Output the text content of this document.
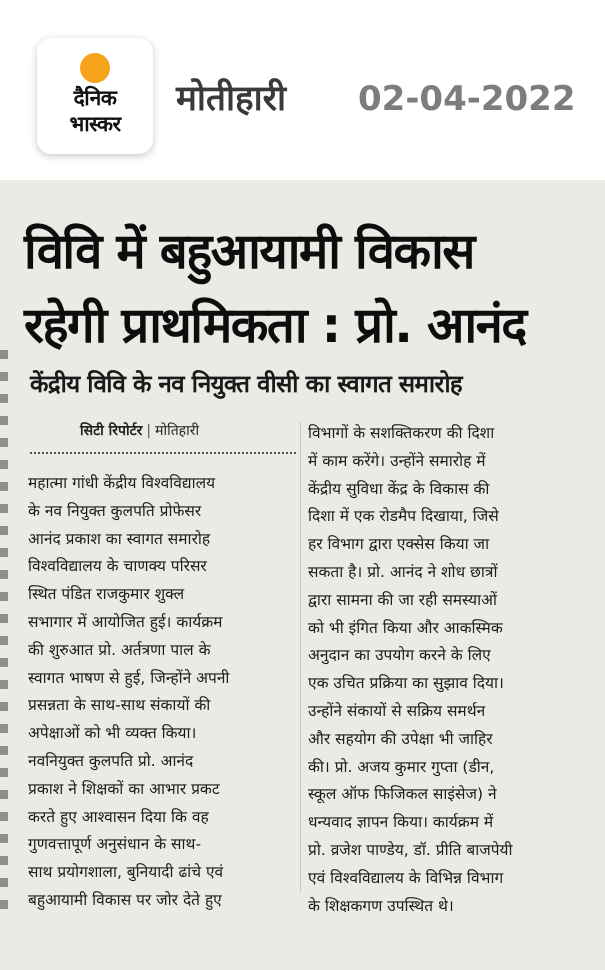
दैनिक
भास्कर
मोतीहारी 02-04-2022
विवि में बहुआयामी विकास
रहेगी प्राथमिकता : प्रो. आनंद
केंद्रीय विवि के नव नियुक्त वीसी का स्वागत समारोह
सिटी रिपोर्टर | मोतिहारी
महात्मा गांधी केंद्रीय विश्वविद्यालय
के नव नियुक्त कुलपति प्रोफेसर
आनंद प्रकाश का स्वागत समारोह
विश्वविद्यालय के चाणक्य परिसर
स्थित पंडित राजकुमार शुक्ल
सभागार में आयोजित हुई। कार्यक्रम
की शुरुआत प्रो. अर्तत्रणा पाल के
स्वागत भाषण से हुई, जिन्होंने अपनी
प्रसन्नता के साथ-साथ संकायों की
अपेक्षाओं को भी व्यक्त किया।
नवनियुक्त कुलपति प्रो. आनंद
प्रकाश ने शिक्षकों का आभार प्रकट
करते हुए आश्वासन दिया कि वह
गुणवत्तापूर्ण अनुसंधान के साथ-
साथ प्रयोगशाला, बुनियादी ढांचे एवं
बहुआयामी विकास पर जोर देते हुए
विभागों के सशक्तिकरण की दिशा
में काम करेंगे। उन्होंने समारोह में
केंद्रीय सुविधा केंद्र के विकास की
दिशा में एक रोडमैप दिखाया, जिसे
हर विभाग द्वारा एक्सेस किया जा
सकता है। प्रो. आनंद ने शोध छात्रों
द्वारा सामना की जा रही समस्याओं
को भी इंगित किया और आकस्मिक
अनुदान का उपयोग करने के लिए
एक उचित प्रक्रिया का सुझाव दिया।
उन्होंने संकायों से सक्रिय समर्थन
और सहयोग की उपेक्षा भी जाहिर
की। प्रो. अजय कुमार गुप्ता (डीन,
स्कूल ऑफ फिजिकल साइंसेज) ने
धन्यवाद ज्ञापन किया। कार्यक्रम में
प्रो. व्रजेश पाण्डेय, डॉ. प्रीति बाजपेयी
एवं विश्वविद्यालय के विभिन्न विभाग
के शिक्षकगण उपस्थित थे।
